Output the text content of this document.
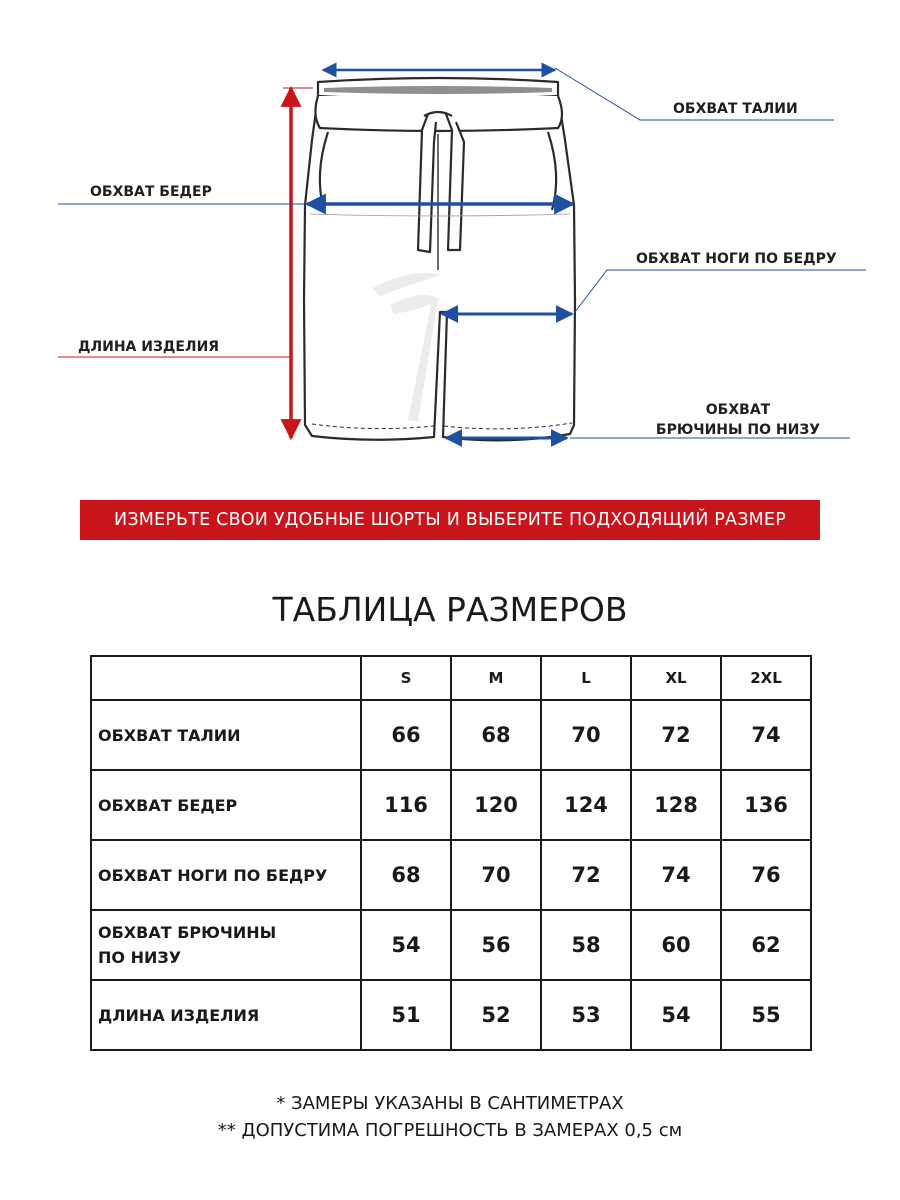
ОБХВАТ ТАЛИИ
ОБХВАТ БЕДЕР
ОБХВАТ НОГИ ПО БЕДРУ
ДЛИНА ИЗДЕЛИЯ
ОБХВАТ
БРЮЧИНЫ ПО НИЗУ
ИЗМЕРЬТЕ СВОИ УДОБНЫЕ ШОРТЫ И ВЫБЕРИТЕ ПОДХОДЯЩИЙ РАЗМЕР
ТАБЛИЦА РАЗМЕРОВ
	S	M	L	XL	2XL
ОБХВАТ ТАЛИИ	66	68	70	72	74
ОБХВАТ БЕДЕР	116	120	124	128	136
ОБХВАТ НОГИ ПО БЕДРУ	68	70	72	74	76
ОБХВАТ БРЮЧИНЫ
ПО НИЗУ	54	56	58	60	62
ДЛИНА ИЗДЕЛИЯ	51	52	53	54	55
* ЗАМЕРЫ УКАЗАНЫ В САНТИМЕТРАХ
** ДОПУСТИМА ПОГРЕШНОСТЬ В ЗАМЕРАХ 0,5 см
